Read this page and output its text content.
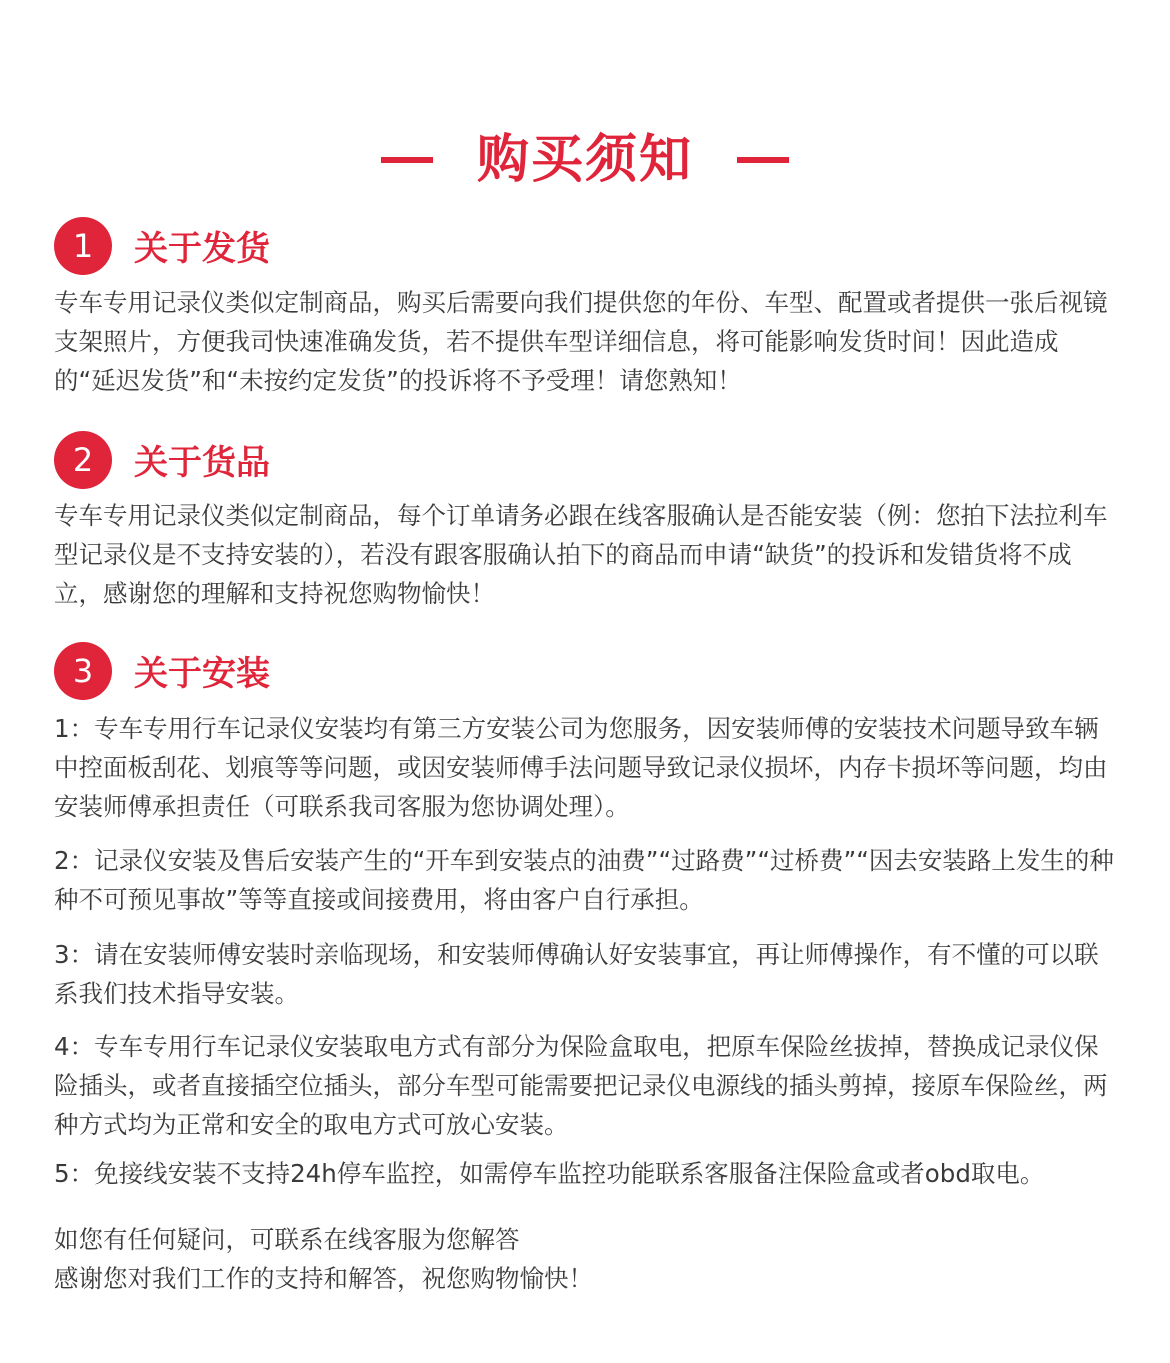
购买须知
1	关于发货

专车专用记录仪类似定制商品，购买后需要向我们提供您的年份、车型、配置或者提供一张后视镜支架照片，方便我司快速准确发货，若不提供车型详细信息，将可能影响发货时间！因此造成的“延迟发货”和“未按约定发货”的投诉将不予受理！请您熟知！

2	关于货品

专车专用记录仪类似定制商品，每个订单请务必跟在线客服确认是否能安装（例：您拍下法拉利车型记录仪是不支持安装的），若没有跟客服确认拍下的商品而申请“缺货”的投诉和发错货将不成立，感谢您的理解和支持祝您购物愉快！

3	关于安装

1：专车专用行车记录仪安装均有第三方安装公司为您服务，因安装师傅的安装技术问题导致车辆中控面板刮花、划痕等等问题，或因安装师傅手法问题导致记录仪损坏，内存卡损坏等问题，均由安装师傅承担责任（可联系我司客服为您协调处理）。

2：记录仪安装及售后安装产生的“开车到安装点的油费”“过路费”“过桥费”“因去安装路上发生的种种不可预见事故”等等直接或间接费用，将由客户自行承担。

3：请在安装师傅安装时亲临现场，和安装师傅确认好安装事宜，再让师傅操作，有不懂的可以联系我们技术指导安装。

4：专车专用行车记录仪安装取电方式有部分为保险盒取电，把原车保险丝拔掉，替换成记录仪保险插头，或者直接插空位插头，部分车型可能需要把记录仪电源线的插头剪掉，接原车保险丝，两种方式均为正常和安全的取电方式可放心安装。

5：免接线安装不支持24h停车监控，如需停车监控功能联系客服备注保险盒或者obd取电。

如您有任何疑问，可联系在线客服为您解答

感谢您对我们工作的支持和解答，祝您购物愉快！
